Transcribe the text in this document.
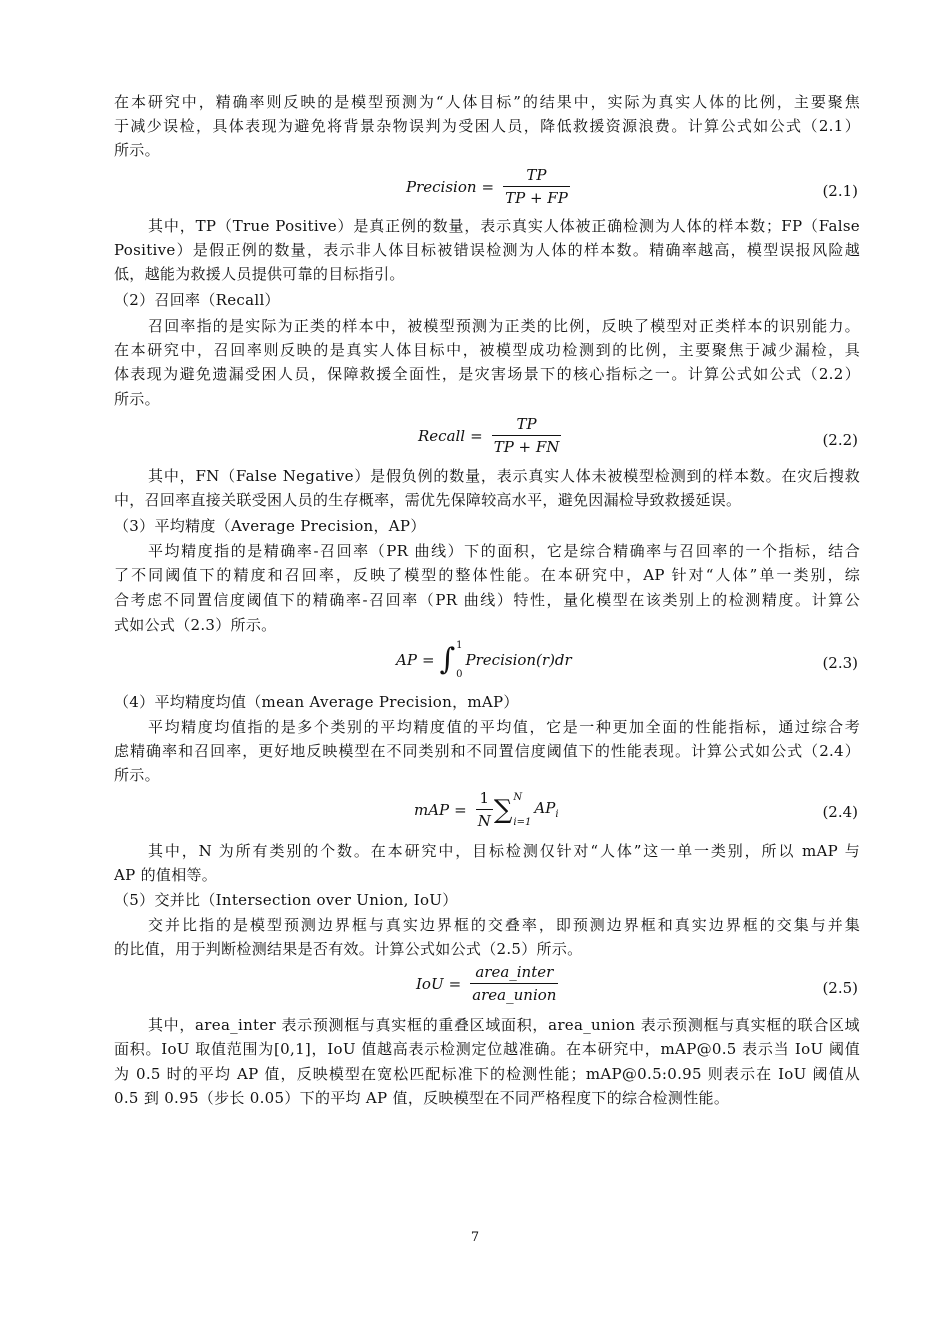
在本研究中，精确率则反映的是模型预测为“人体目标”的结果中，实际为真实人体的比例，主要聚焦
于减少误检，具体表现为避免将背景杂物误判为受困人员，降低救援资源浪费。计算公式如公式（2.1）
所示。
Precision = $\frac{TP}{TP + FP}$	(2.1)
其中，TP（True Positive）是真正例的数量，表示真实人体被正确检测为人体的样本数；FP（False
Positive）是假正例的数量，表示非人体目标被错误检测为人体的样本数。精确率越高，模型误报风险越
低，越能为救援人员提供可靠的目标指引。
（2）召回率（Recall）
召回率指的是实际为正类的样本中，被模型预测为正类的比例，反映了模型对正类样本的识别能力。
在本研究中，召回率则反映的是真实人体目标中，被模型成功检测到的比例，主要聚焦于减少漏检，具
体表现为避免遗漏受困人员，保障救援全面性，是灾害场景下的核心指标之一。计算公式如公式（2.2）
所示。
Recall = $\frac{TP}{TP + FN}$	(2.2)
其中，FN（False Negative）是假负例的数量，表示真实人体未被模型检测到的样本数。在灾后搜救
中，召回率直接关联受困人员的生存概率，需优先保障较高水平，避免因漏检导致救援延误。
（3）平均精度（Average Precision，AP）
平均精度指的是精确率-召回率（PR 曲线）下的面积，它是综合精确率与召回率的一个指标，结合
了不同阈值下的精度和召回率，反映了模型的整体性能。在本研究中，AP 针对“人体”单一类别，综
合考虑不同置信度阈值下的精确率-召回率（PR 曲线）特性，量化模型在该类别上的检测精度。计算公
式如公式（2.3）所示。
AP = ∫ 1
0
Precision(r)dr	(2.3)
（4）平均精度均值（mean Average Precision，mAP）
平均精度均值指的是多个类别的平均精度值的平均值，它是一种更加全面的性能指标，通过综合考
虑精确率和召回率，更好地反映模型在不同类别和不同置信度阈值下的性能表现。计算公式如公式（2.4）
所示。
mAP = $\frac{1}{N}$ ∑ N
i=1
$AP_i$	(2.4)
其中，N 为所有类别的个数。在本研究中，目标检测仅针对“人体”这一单一类别，所以 mAP 与
AP 的值相等。
（5）交并比（Intersection over Union, IoU）
交并比指的是模型预测边界框与真实边界框的交叠率，即预测边界框和真实边界框的交集与并集
的比值，用于判断检测结果是否有效。计算公式如公式（2.5）所示。
IoU = $\frac{\text{area\_inter}}{\text{area\_union}}$	(2.5)
其中，area_inter 表示预测框与真实框的重叠区域面积，area_union 表示预测框与真实框的联合区域
面积。IoU 取值范围为[0,1]，IoU 值越高表示检测定位越准确。在本研究中，mAP@0.5 表示当 IoU 阈值
为 0.5 时的平均 AP 值，反映模型在宽松匹配标准下的检测性能；mAP@0.5:0.95 则表示在 IoU 阈值从
0.5 到 0.95（步长 0.05）下的平均 AP 值，反映模型在不同严格程度下的综合检测性能。
7
